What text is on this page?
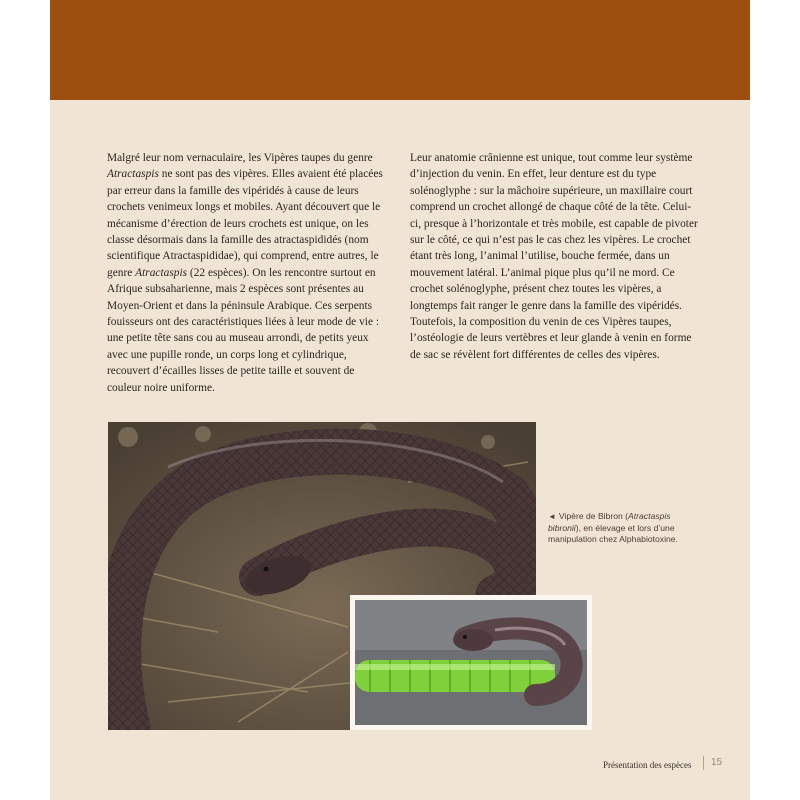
Malgré leur nom vernaculaire, les Vipères taupes du genre Atractaspis ne sont pas des vipères. Elles avaient été placées par erreur dans la famille des vipéridés à cause de leurs crochets venimeux longs et mobiles. Ayant découvert que le mécanisme d’érection de leurs crochets est unique, on les classe désormais dans la famille des atractaspididés (nom scientifique Atractaspididae), qui comprend, entre autres, le genre Atractaspis (22 espèces). On les rencontre surtout en Afrique subsaharienne, mais 2 espèces sont présentes au Moyen-Orient et dans la péninsule Arabique. Ces serpents fouisseurs ont des caractéristiques liées à leur mode de vie : une petite tête sans cou au museau arrondi, de petits yeux avec une pupille ronde, un corps long et cylindrique, recouvert d’écailles lisses de petite taille et souvent de couleur noire uniforme.

Leur anatomie crânienne est unique, tout comme leur système d’injection du venin. En effet, leur denture est du type solénoglyphe : sur la mâchoire supérieure, un maxillaire court comprend un crochet allongé de chaque côté de la tête. Celui-ci, presque à l’horizontale et très mobile, est capable de pivoter sur le côté, ce qui n’est pas le cas chez les vipères. Le crochet étant très long, l’animal l’utilise, bouche fermée, dans un mouvement latéral. L’animal pique plus qu’il ne mord. Ce crochet solénoglyphe, présent chez toutes les vipères, a longtemps fait ranger le genre dans la famille des vipéridés. Toutefois, la composition du venin de ces Vipères taupes, l’ostéologie de leurs vertèbres et leur glande à venin en forme de sac se révèlent fort différentes de celles des vipères.

◄ Vipère de Bibron (Atractaspis bibronii), en élevage et lors d’une manipulation chez Alphabiotoxine.
Présentation des espèces 15
